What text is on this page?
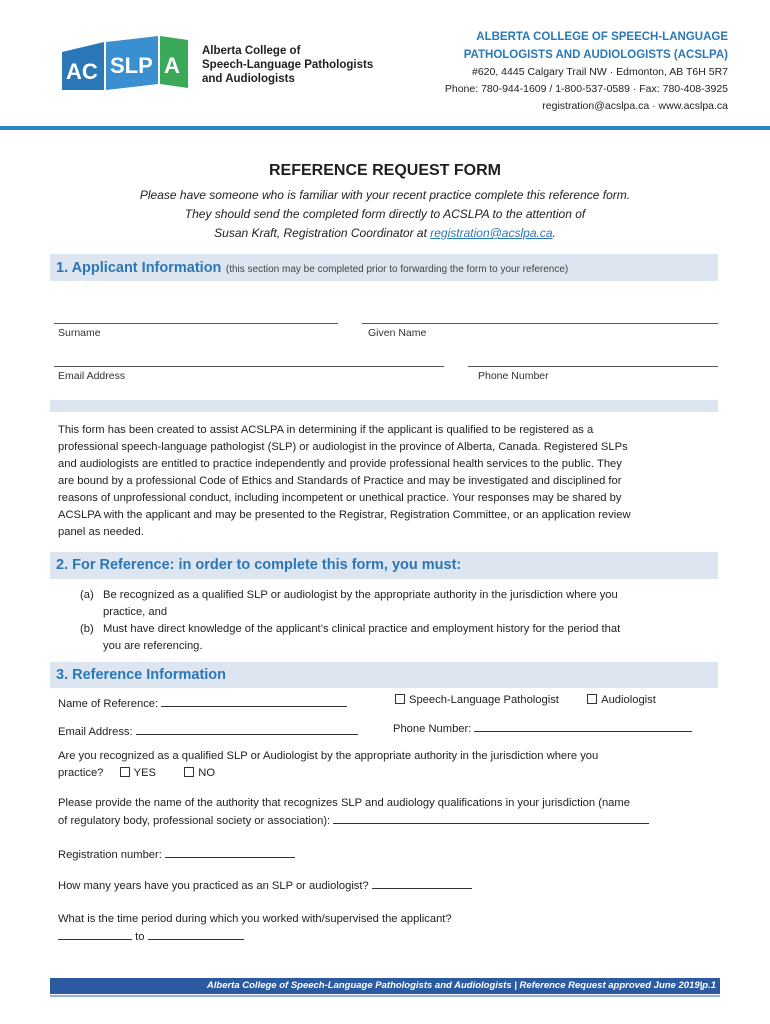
AC SLP A
Alberta College of
Speech-Language Pathologists
and Audiologists
ALBERTA COLLEGE OF SPEECH-LANGUAGE
PATHOLOGISTS AND AUDIOLOGISTS (ACSLPA)
#620, 4445 Calgary Trail NW · Edmonton, AB T6H 5R7
Phone: 780-944-1609 / 1-800-537-0589 · Fax: 780-408-3925
registration@acslpa.ca · www.acslpa.ca
REFERENCE REQUEST FORM
Please have someone who is familiar with your recent practice complete this reference form.
They should send the completed form directly to ACSLPA to the attention of
Susan Kraft, Registration Coordinator at registration@acslpa.ca.
1. Applicant Information (this section may be completed prior to forwarding the form to your reference)
Surname	Given Name
Email Address	Phone Number
This form has been created to assist ACSLPA in determining if the applicant is qualified to be registered as a
professional speech-language pathologist (SLP) or audiologist in the province of Alberta, Canada. Registered SLPs
and audiologists are entitled to practice independently and provide professional health services to the public. They
are bound by a professional Code of Ethics and Standards of Practice and may be investigated and disciplined for
reasons of unprofessional conduct, including incompetent or unethical practice. Your responses may be shared by
ACSLPA with the applicant and may be presented to the Registrar, Registration Committee, or an application review
panel as needed.
2. For Reference: in order to complete this form, you must:
(a) Be recognized as a qualified SLP or audiologist by the appropriate authority in the jurisdiction where you
practice, and
(b) Must have direct knowledge of the applicant’s clinical practice and employment history for the period that
you are referencing.
3. Reference Information
Name of Reference:	Speech-Language Pathologist	Audiologist
Email Address:	Phone Number:
Are you recognized as a qualified SLP or Audiologist by the appropriate authority in the jurisdiction where you
practice?	YES	NO
Please provide the name of the authority that recognizes SLP and audiology qualifications in your jurisdiction (name
of regulatory body, professional society or association):
Registration number:
How many years have you practiced as an SLP or audiologist?
What is the time period during which you worked with/supervised the applicant?
to
Alberta College of Speech-Language Pathologists and Audiologists | Reference Request approved June 2019|p.1
